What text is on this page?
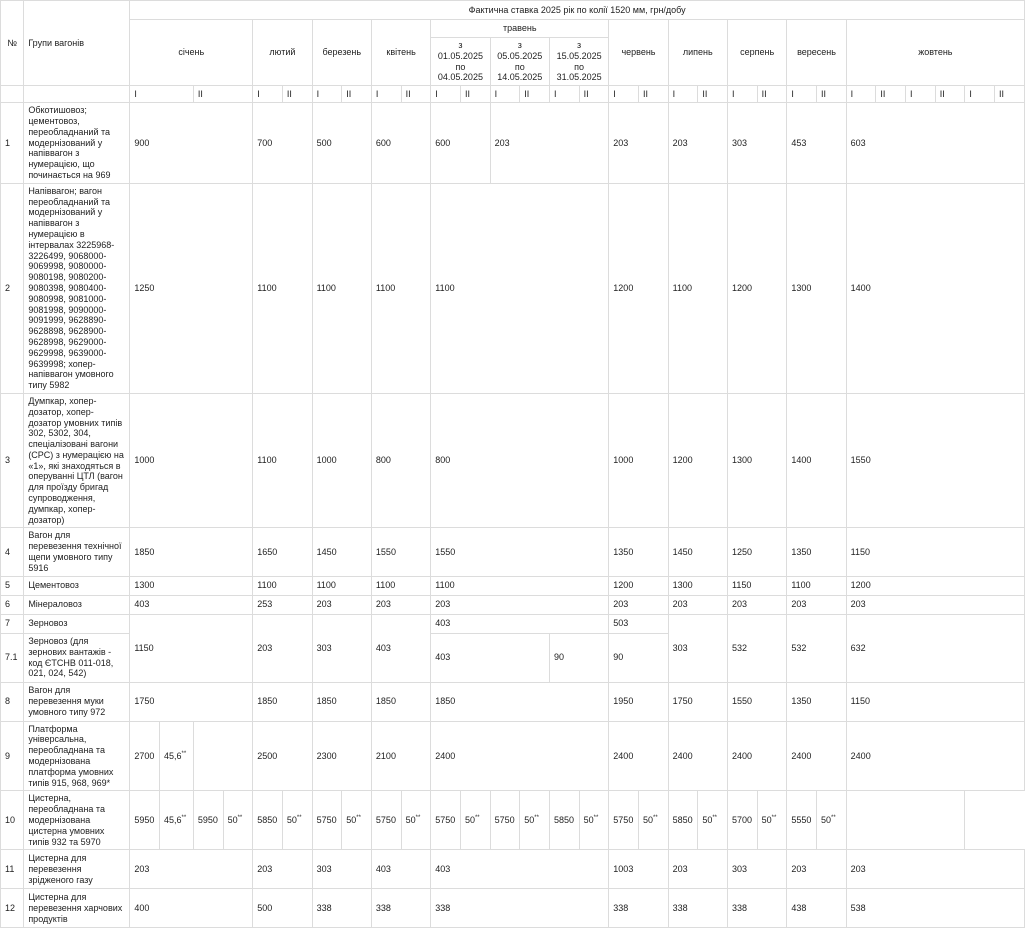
№	Групи вагонів	Фактична ставка 2025 рік по колії 1520 мм, грн/добу																													
		січень				лютий		березень		квітень		травень						червень		липень		серпень		вересень		жовтень					
												з 01.05.2025 по 04.05.2025		з 05.05.2025 по 14.05.2025		з 15.05.2025 по 31.05.2025															
		I		II		I	II	I	II	I	II	I	II	I	II	I	II	I	II	I	II	I	II	I	II	I	II	I	II	I	II
1	Обкотишовоз; цементовоз, переобладнаний та модернізований у напіввагон з нумерацією, що починається на 969	900				700		500		600		600		203				203		203		303		453		603					
2	Напіввагон; вагон переобладнаний та модернізований у напіввагон з нумерацією в інтервалах 3225968-3226499, 9068000-9069998, 9080000-9080198, 9080200-9080398, 9080400-9080998, 9081000-9081998, 9090000-9091999, 9628890-9628898, 9628900-9628998, 9629000-9629998, 9639000-9639998; хопер-напіввагон умовного типу 5982	1250				1100		1100		1100		1100						1200		1100		1200		1300		1400					
3	Думпкар, хопер-дозатор, хопер-дозатор умовних типів 302, 5302, 304, спеціалізовані вагони (СРС) з нумерацією на «1», які знаходяться в оперуванні ЦТЛ (вагон для проїзду бригад супроводження, думпкар, хопер-дозатор)	1000				1100		1000		800		800						1000		1200		1300		1400		1550					
4	Вагон для перевезення технічної щепи умовного типу 5916	1850				1650		1450		1550		1550						1350		1450		1250		1350		1150					
5	Цементовоз	1300				1100		1100		1100		1100						1200		1300		1150		1100		1200					
6	Мінераловоз	403				253		203		203		203						203		203		203		203		203					
7	Зерновоз	1150				203		303		403		403						503		303		532		532		632					
7.1	Зерновоз (для зернових вантажів - код ЄТСНВ 011-018, 021, 024, 542)											403				90		90													
8	Вагон для перевезення муки умовного типу 972	1750				1850		1850		1850		1850						1950		1750		1550		1350		1150					
9	Платформа універсальна, переобладнана та модернізована платформа умовних типів 915, 968, 969*	2700	45,6**			2500		2300		2100		2400						2400		2400		2400		2400		2400					
10	Цистерна, переобладнана та модернізована цистерна умовних типів 932 та 5970	5950	45,6**	5950	50**	5850	50**	5750	50**	5750	50**	5750	50**	5750	50**	5850	50**	5750	50**	5850	50**	5700	50**	5550	50**	
11	Цистерна для перевезення зрідженого газу	203				203		303		403		403						1003		203		303		203		203					
12	Цистерна для перевезення харчових продуктів	400				500		338		338		338						338		338		338		438		538					
